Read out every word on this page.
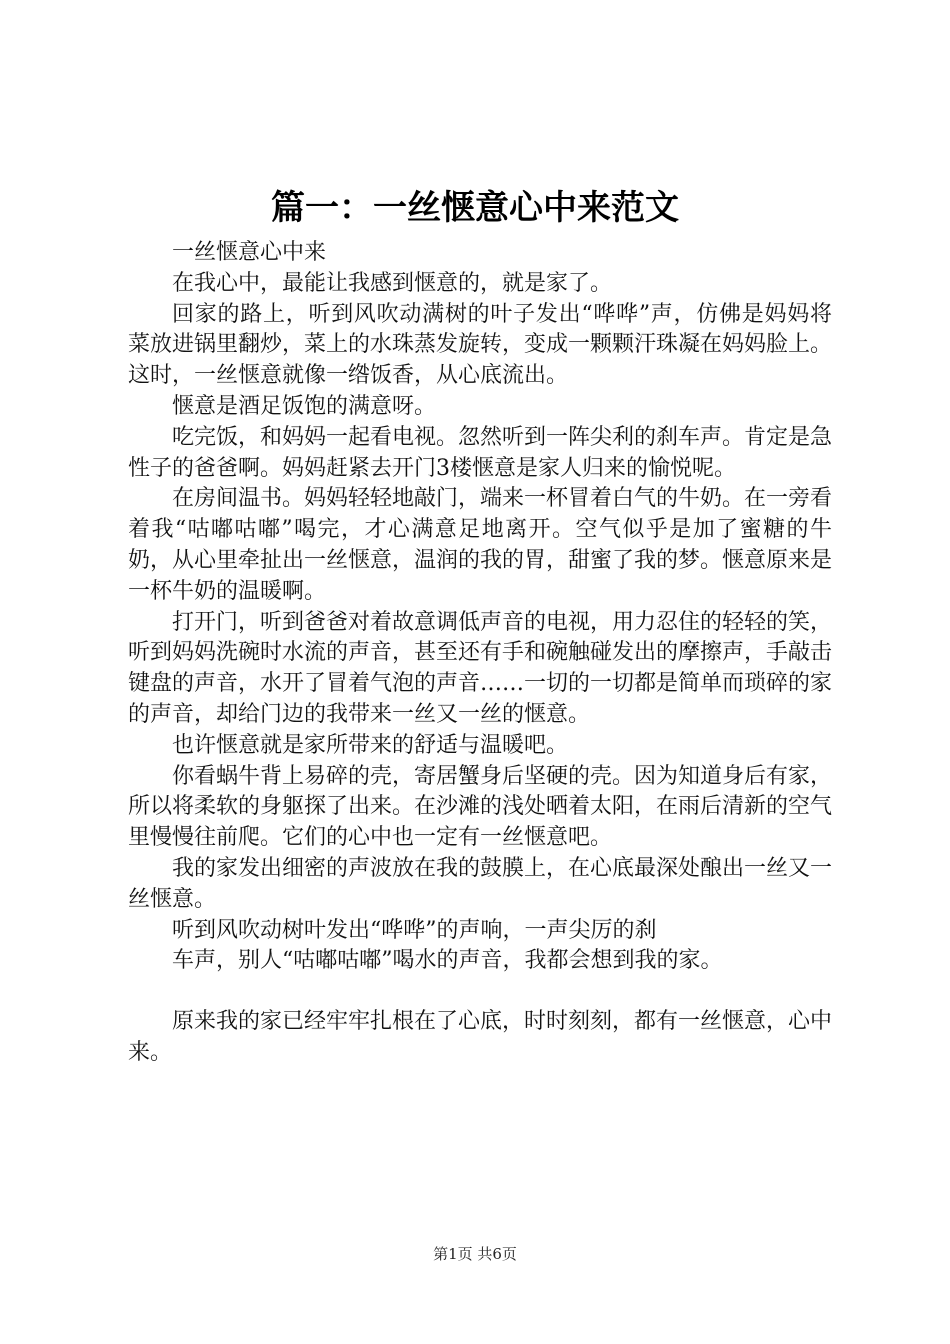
篇一：一丝惬意心中来范文

一丝惬意心中来

在我心中，最能让我感到惬意的，就是家了。

回家的路上，听到风吹动满树的叶子发出“哗哗”声，仿佛是妈妈将菜放进锅里翻炒，菜上的水珠蒸发旋转，变成一颗颗汗珠凝在妈妈脸上。这时，一丝惬意就像一绺饭香，从心底流出。

惬意是酒足饭饱的满意呀。

吃完饭，和妈妈一起看电视。忽然听到一阵尖利的刹车声。肯定是急性子的爸爸啊。妈妈赶紧去开门3楼惬意是家人归来的愉悦呢。

在房间温书。妈妈轻轻地敲门，端来一杯冒着白气的牛奶。在一旁看着我“咕嘟咕嘟”喝完，才心满意足地离开。空气似乎是加了蜜糖的牛奶，从心里牵扯出一丝惬意，温润的我的胃，甜蜜了我的梦。惬意原来是一杯牛奶的温暖啊。

打开门，听到爸爸对着故意调低声音的电视，用力忍住的轻轻的笑，听到妈妈洗碗时水流的声音，甚至还有手和碗触碰发出的摩擦声，手敲击键盘的声音，水开了冒着气泡的声音……一切的一切都是简单而琐碎的家的声音，却给门边的我带来一丝又一丝的惬意。

也许惬意就是家所带来的舒适与温暖吧。

你看蜗牛背上易碎的壳，寄居蟹身后坚硬的壳。因为知道身后有家，所以将柔软的身躯探了出来。在沙滩的浅处晒着太阳，在雨后清新的空气里慢慢往前爬。它们的心中也一定有一丝惬意吧。

我的家发出细密的声波放在我的鼓膜上，在心底最深处酿出一丝又一丝惬意。

听到风吹动树叶发出“哗哗”的声响，一声尖厉的刹

车声，别人“咕嘟咕嘟”喝水的声音，我都会想到我的家。

原来我的家已经牢牢扎根在了心底，时时刻刻，都有一丝惬意，心中来。

第1页 共6页
